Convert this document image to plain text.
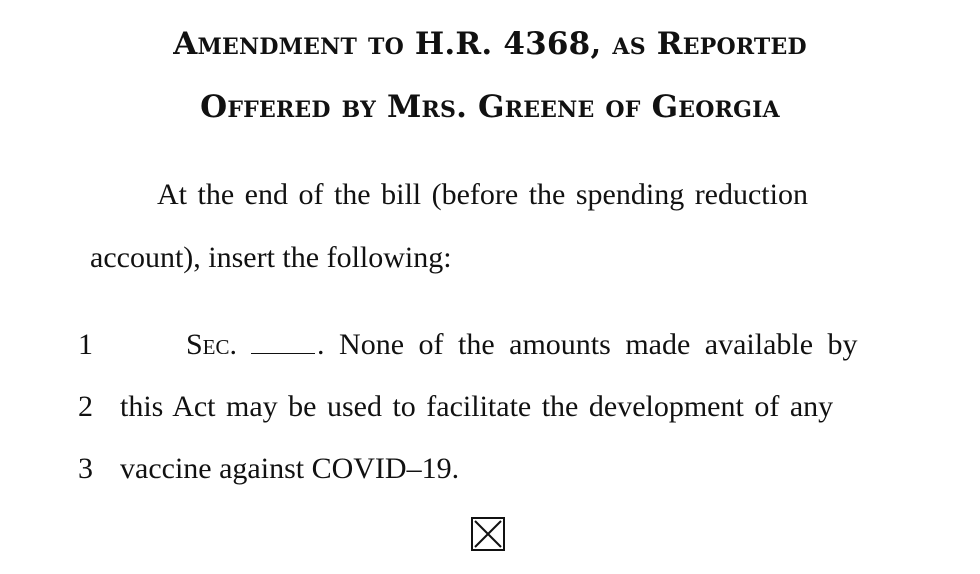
Amendment to H.R. 4368, as Reported
Offered by Mrs. Greene of Georgia
At the end of the bill (before the spending reduction
account), insert the following:
1	Sec.	. None of the amounts made available by
2 this Act may be used to facilitate the development of any
3 vaccine against COVID–19.
